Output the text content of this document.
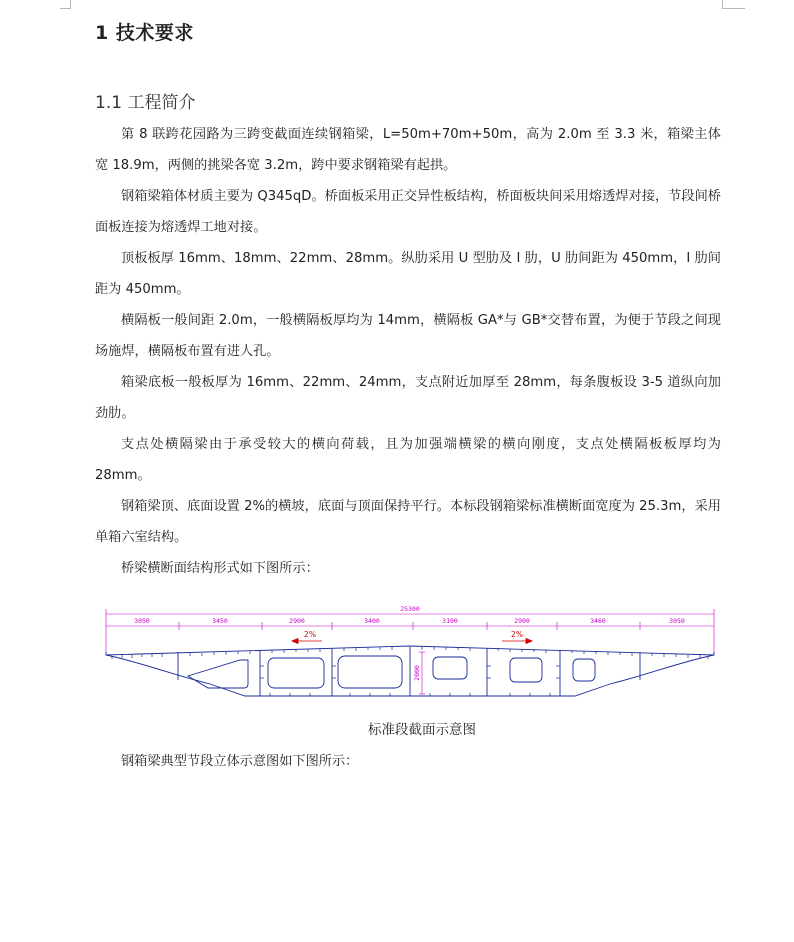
1 技术要求
1.1 工程简介

第 8 联跨花园路为三跨变截面连续钢箱梁，L=50m+70m+50m，高为 2.0m 至 3.3 米，箱梁主体宽 18.9m，两侧的挑梁各宽 3.2m，跨中要求钢箱梁有起拱。

钢箱梁箱体材质主要为 Q345qD。桥面板采用正交异性板结构，桥面板块间采用熔透焊对接，节段间桥面板连接为熔透焊工地对接。

顶板板厚 16mm、18mm、22mm、28mm。纵肋采用 U 型肋及 I 肋，U 肋间距为 450mm，I 肋间距为 450mm。

横隔板一般间距 2.0m，一般横隔板厚均为 14mm，横隔板 GA*与 GB*交替布置，为便于节段之间现场施焊，横隔板布置有进人孔。

箱梁底板一般板厚为 16mm、22mm、24mm，支点附近加厚至 28mm，每条腹板设 3-5 道纵向加劲肋。

支点处横隔梁由于承受较大的横向荷载，且为加强端横梁的横向刚度，支点处横隔板板厚均为 28mm。

钢箱梁顶、底面设置 2%的横坡，底面与顶面保持平行。本标段钢箱梁标准横断面宽度为 25.3m，采用单箱六室结构。

桥梁横断面结构形式如下图所示：

25300
3050	3450	2900	3400	3100	2900	3460	3050
2%	2%
2000

标准段截面示意图

钢箱梁典型节段立体示意图如下图所示：
